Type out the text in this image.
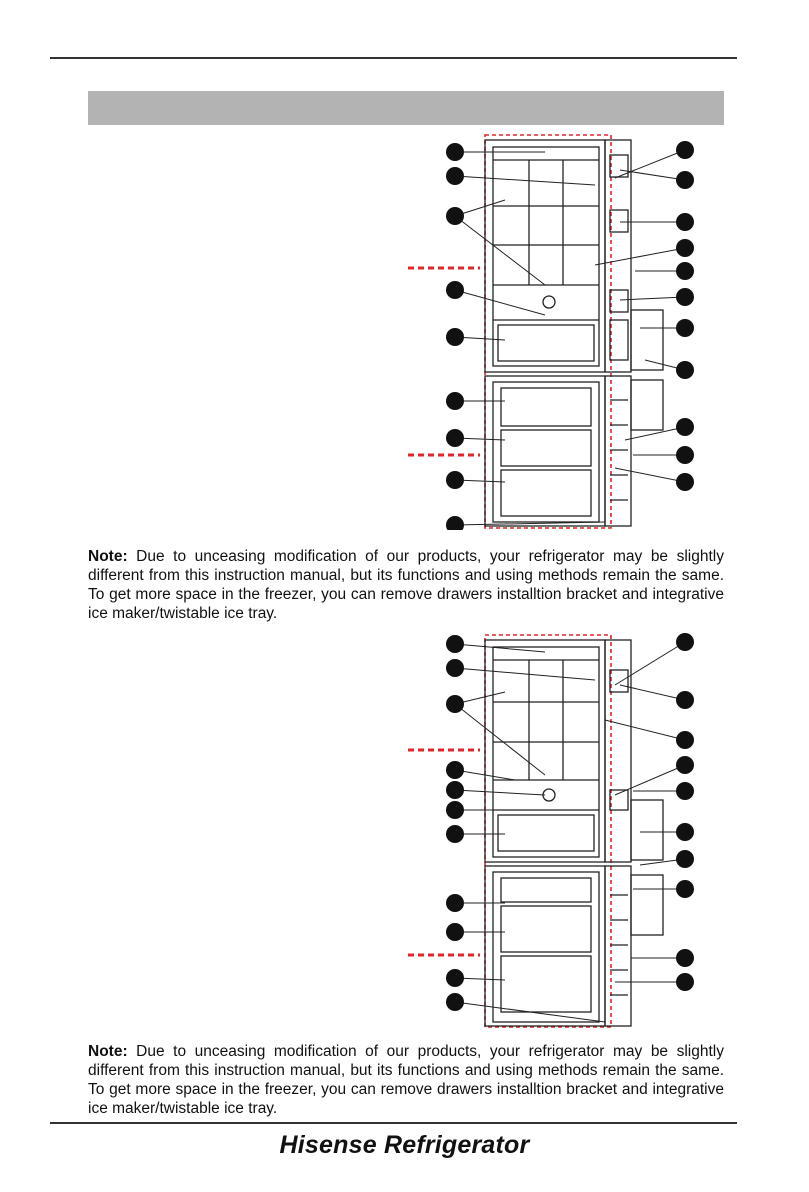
Note: Due to unceasing modification of our products, your refrigerator may be slightly different from this instruction manual, but its functions and using methods remain the same. To get more space in the freezer, you can remove drawers installtion bracket and integrative ice maker/twistable ice tray.
Note: Due to unceasing modification of our products, your refrigerator may be slightly different from this instruction manual, but its functions and using methods remain the same. To get more space in the freezer, you can remove drawers installtion bracket and integrative ice maker/twistable ice tray.
Hisense Refrigerator
